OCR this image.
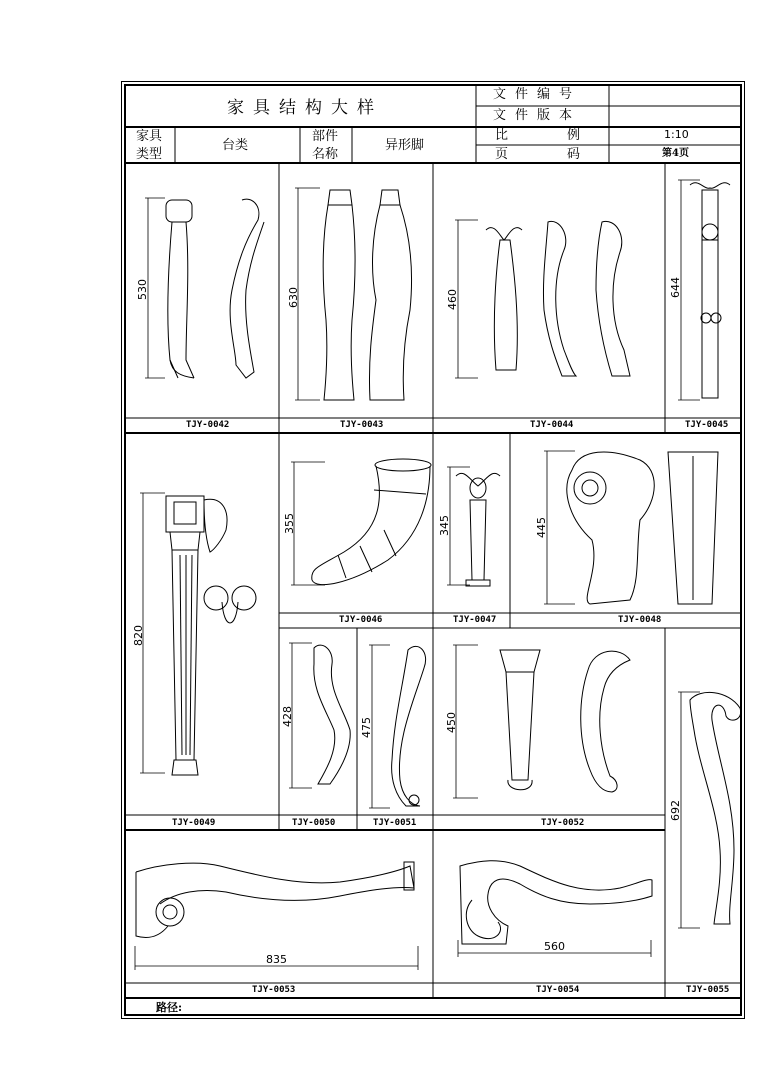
家具结构大样
文件编号
文件版本
家具
类型
台类
部件
名称
异形脚
比	例	1:10
页	码	第4页
TJY-0042	TJY-0043	TJY-0044	TJY-0045
TJY-0049
TJY-0046	TJY-0047	TJY-0048
TJY-0050	TJY-0051	TJY-0052
TJY-0055
TJY-0053	TJY-0054
530	630	460
644
820
355	345	445
428
475	450
692
835
560
路径:
